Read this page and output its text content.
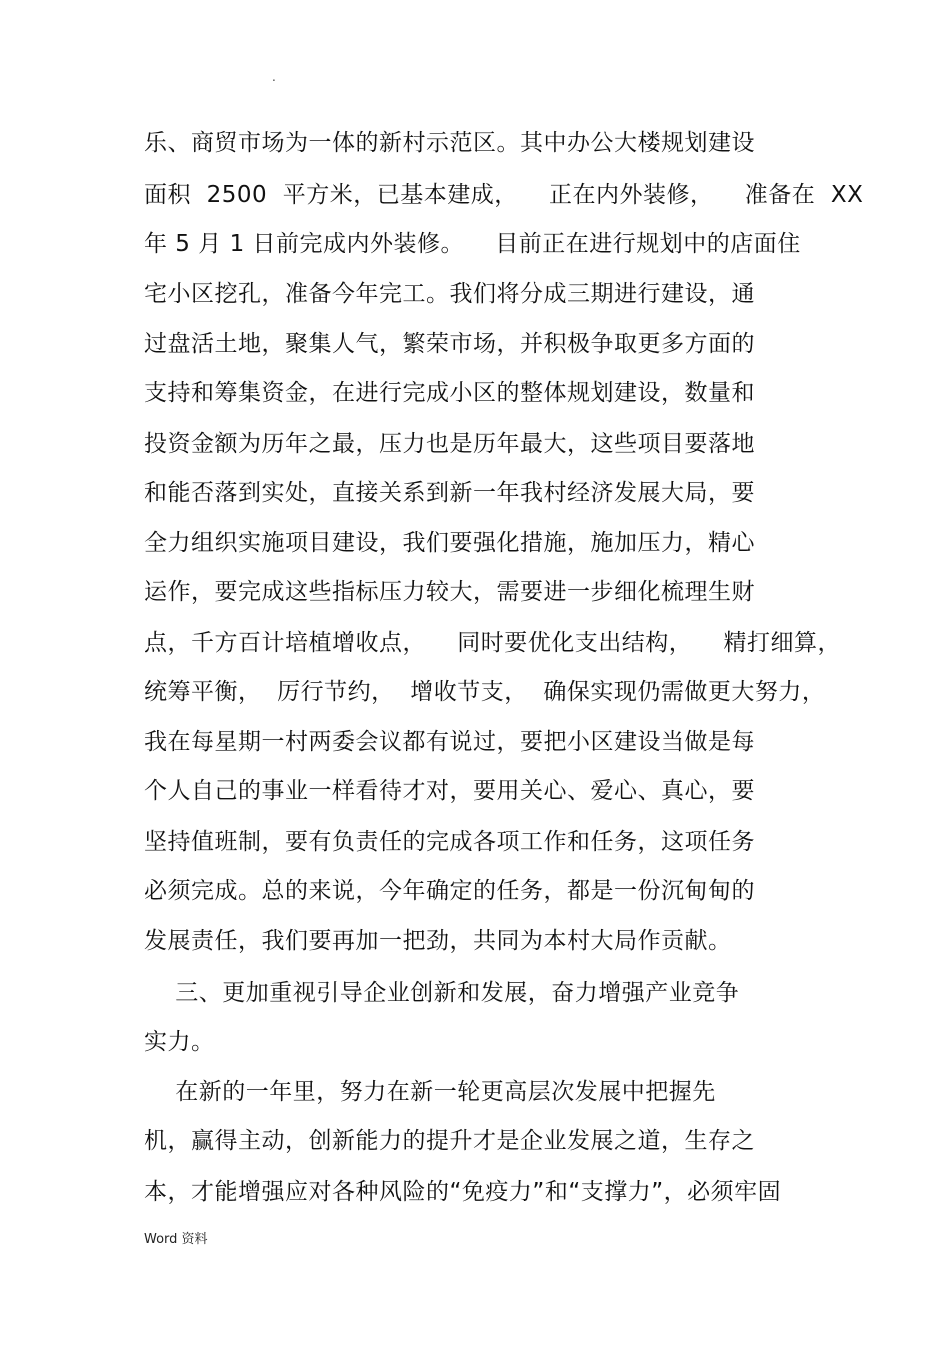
.
乐、商贸市场为一体的新村示范区。其中办公大楼规划建设
面积  2500  平方米，已基本建成，    正在内外装修，    准备在  XX
年 5 月 1 日前完成内外装修。    目前正在进行规划中的店面住
宅小区挖孔，准备今年完工。我们将分成三期进行建设，通
过盘活土地，聚集人气，繁荣市场，并积极争取更多方面的
支持和筹集资金，在进行完成小区的整体规划建设，数量和
投资金额为历年之最，压力也是历年最大，这些项目要落地
和能否落到实处，直接关系到新一年我村经济发展大局，要
全力组织实施项目建设，我们要强化措施，施加压力，精心
运作，要完成这些指标压力较大，需要进一步细化梳理生财
点，千方百计培植增收点，    同时要优化支出结构，    精打细算，
统筹平衡，  厉行节约，  增收节支，  确保实现仍需做更大努力，
我在每星期一村两委会议都有说过，要把小区建设当做是每
个人自己的事业一样看待才对，要用关心、爱心、真心，要
坚持值班制，要有负责任的完成各项工作和任务，这项任务
必须完成。总的来说，今年确定的任务，都是一份沉甸甸的
发展责任，我们要再加一把劲，共同为本村大局作贡献。
三、更加重视引导企业创新和发展，奋力增强产业竞争
实力。
在新的一年里，努力在新一轮更高层次发展中把握先
机，赢得主动，创新能力的提升才是企业发展之道，生存之
本，才能增强应对各种风险的“免疫力”和“支撑力”，必须牢固
Word 资料
